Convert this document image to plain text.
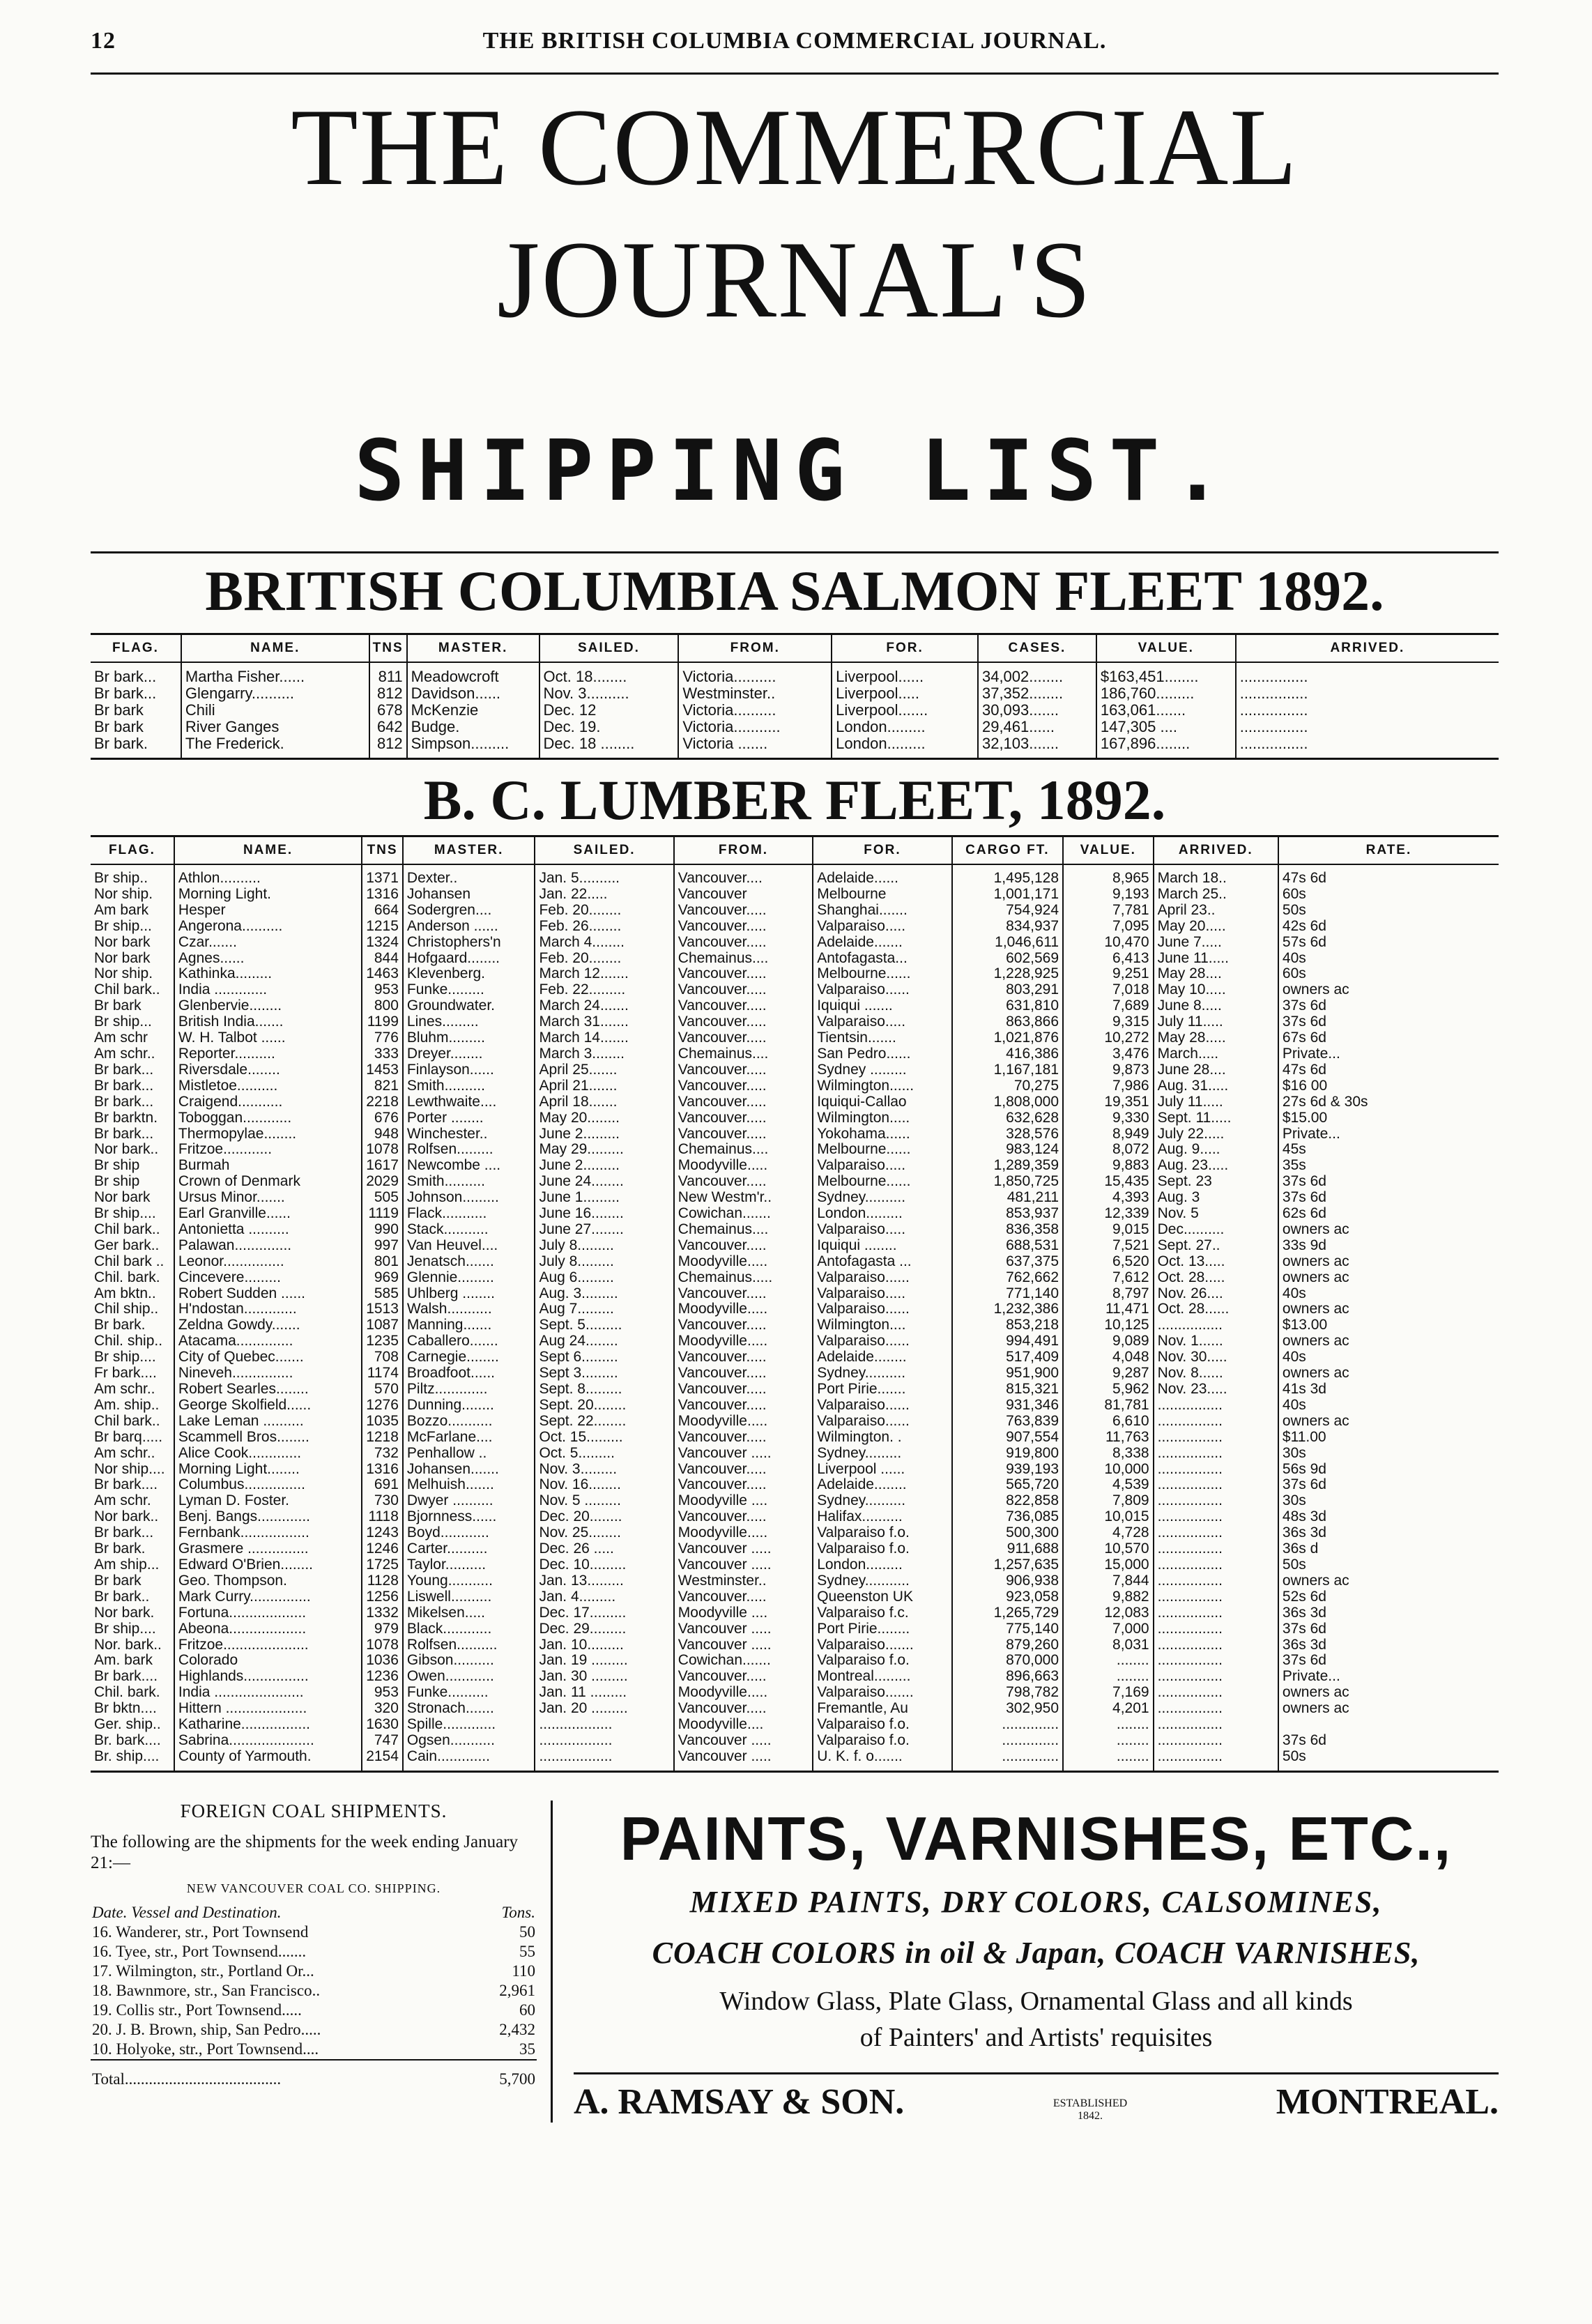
12	THE BRITISH COLUMBIA COMMERCIAL JOURNAL.
THE COMMERCIAL JOURNAL'S
SHIPPING LIST.
BRITISH COLUMBIA SALMON FLEET 1892.
FLAG.	NAME.	TNS	MASTER.	SAILED.	FROM.	FOR.	CASES.	VALUE.	ARRIVED.
Br bark...	Martha Fisher......	811	Meadowcroft	Oct. 18........	Victoria..........	Liverpool......	34,002........	$163,451........	................
Br bark...	Glengarry..........	812	Davidson......	Nov. 3..........	Westminster..	Liverpool.....	37,352........	186,760.........	................
Br bark	Chili	678	McKenzie	Dec. 12	Victoria..........	Liverpool.......	30,093.......	163,061.......	................
Br bark	River Ganges	642	Budge.	Dec. 19.	Victoria...........	London.........	29,461......	147,305 ....	................
Br bark.	The Frederick.	812	Simpson.........	Dec. 18 ........	Victoria .......	London.........	32,103.......	167,896........	................
B. C. LUMBER FLEET, 1892.
FLAG.	NAME.	TNS	MASTER.	SAILED.	FROM.	FOR.	CARGO FT.	VALUE.	ARRIVED.	RATE.
Br ship..	Athlon..........	1371	Dexter..	Jan. 5..........	Vancouver....	Adelaide......	1,495,128	8,965	March 18..	47s 6d
Nor ship.	Morning Light.	1316	Johansen	Jan. 22.....	Vancouver	Melbourne	1,001,171	9,193	March 25..	60s
Am bark	Hesper	664	Sodergren....	Feb. 20........	Vancouver.....	Shanghai.......	754,924	7,781	April 23..	50s
Br ship...	Angerona..........	1215	Anderson ......	Feb. 26........	Vancouver.....	Valparaiso.....	834,937	7,095	May 20.....	42s 6d
Nor bark	Czar.......	1324	Christophers'n	March 4........	Vancouver.....	Adelaide.......	1,046,611	10,470	June 7.....	57s 6d
Nor bark	Agnes......	844	Hofgaard........	Feb. 20........	Chemainus....	Antofagasta...	602,569	6,413	June 11.....	40s
Nor ship.	Kathinka.........	1463	Klevenberg.	March 12.......	Vancouver.....	Melbourne......	1,228,925	9,251	May 28....	60s
Chil bark..	India .............	953	Funke.........	Feb. 22.........	Vancouver.....	Valparaiso......	803,291	7,018	May 10.....	owners ac
Br bark	Glenbervie........	800	Groundwater.	March 24.......	Vancouver.....	Iquiqui .......	631,810	7,689	June 8.....	37s 6d
Br ship...	British India.......	1199	Lines.........	March 31.......	Vancouver.....	Valparaiso.....	863,866	9,315	July 11.....	37s 6d
Am schr	W. H. Talbot ......	776	Bluhm.........	March 14.......	Vancouver.....	Tientsin.......	1,021,876	10,272	May 28.....	67s 6d
Am schr..	Reporter..........	333	Dreyer........	March 3........	Chemainus....	San Pedro......	416,386	3,476	March.....	Private...
Br bark...	Riversdale........	1453	Finlayson......	April 25.......	Vancouver.....	Sydney .........	1,167,181	9,873	June 28....	47s 6d
Br bark...	Mistletoe..........	821	Smith..........	April 21.......	Vancouver.....	Wilmington......	70,275	7,986	Aug. 31.....	$16 00
Br bark...	Craigend...........	2218	Lewthwaite....	April 18.......	Vancouver.....	Iquiqui-Callao	1,808,000	19,351	July 11.....	27s 6d & 30s
Br barktn.	Toboggan............	676	Porter ........	May 20........	Vancouver.....	Wilmington.....	632,628	9,330	Sept. 11.....	$15.00
Br bark...	Thermopylae........	948	Winchester..	June 2.........	Vancouver.....	Yokohama......	328,576	8,949	July 22.....	Private...
Nor bark..	Fritzoe............	1078	Rolfsen.........	May 29.........	Chemainus....	Melbourne......	983,124	8,072	Aug. 9.....	45s
Br ship	Burmah	1617	Newcombe ....	June 2.........	Moodyville.....	Valparaiso.....	1,289,359	9,883	Aug. 23.....	35s
Br ship	Crown of Denmark	2029	Smith..........	June 24........	Vancouver.....	Melbourne......	1,850,725	15,435	Sept. 23	37s 6d
Nor bark	Ursus Minor.......	505	Johnson.........	June 1.........	New Westm'r..	Sydney..........	481,211	4,393	Aug. 3	37s 6d
Br ship....	Earl Granville......	1119	Flack...........	June 16........	Cowichan.......	London.........	853,937	12,339	Nov. 5	62s 6d
Chil bark..	Antonietta ..........	990	Stack...........	June 27........	Chemainus....	Valparaiso.....	836,358	9,015	Dec..........	owners ac
Ger bark..	Palawan..............	997	Van Heuvel....	July 8.........	Vancouver.....	Iquiqui ........	688,531	7,521	Sept. 27..	33s 9d
Chil bark ..	Leonor...............	801	Jenatsch.......	July 8.........	Moodyville.....	Antofagasta ...	637,375	6,520	Oct. 13.....	owners ac
Chil. bark.	Cincevere.........	969	Glennie.........	Aug 6.........	Chemainus.....	Valparaiso......	762,662	7,612	Oct. 28.....	owners ac
Am bktn..	Robert Sudden ......	585	Uhlberg ........	Aug. 3.........	Vancouver.....	Valparaiso.....	771,140	8,797	Nov. 26....	40s
Chil ship..	H'ndostan.............	1513	Walsh...........	Aug 7.........	Moodyville.....	Valparaiso......	1,232,386	11,471	Oct. 28......	owners ac
Br bark.	Zeldna Gowdy.......	1087	Manning.......	Sept. 5.........	Vancouver.....	Wilmington....	853,218	10,125	................	$13.00
Chil. ship..	Atacama..............	1235	Caballero.......	Aug 24........	Moodyville.....	Valparaiso......	994,491	9,089	Nov. 1......	owners ac
Br ship....	City of Quebec.......	708	Carnegie........	Sept 6.........	Vancouver.....	Adelaide........	517,409	4,048	Nov. 30.....	40s
Fr bark....	Nineveh...............	1174	Broadfoot......	Sept 3.........	Vancouver.....	Sydney..........	951,900	9,287	Nov. 8......	owners ac
Am schr..	Robert Searles........	570	Piltz.............	Sept. 8.........	Vancouver.....	Port Pirie.......	815,321	5,962	Nov. 23.....	41s 3d
Am. ship..	George Skolfield......	1276	Dunning........	Sept. 20........	Vancouver.....	Valparaiso......	931,346	81,781	................	40s
Chil bark..	Lake Leman ..........	1035	Bozzo...........	Sept. 22........	Moodyville.....	Valparaiso......	763,839	6,610	................	owners ac
Br barq.....	Scammell Bros........	1218	McFarlane....	Oct. 15.........	Vancouver.....	Wilmington. .	907,554	11,763	................	$11.00
Am schr..	Alice Cook.............	732	Penhallow ..	Oct. 5.........	Vancouver .....	Sydney.........	919,800	8,338	................	30s
Nor ship....	Morning Light........	1316	Johansen.......	Nov. 3.........	Vancouver.....	Liverpool ......	939,193	10,000	................	56s 9d
Br bark....	Columbus...............	691	Melhuish.......	Nov. 16........	Vancouver.....	Adelaide........	565,720	4,539	................	37s 6d
Am schr.	Lyman D. Foster.	730	Dwyer ..........	Nov. 5 .........	Moodyville ....	Sydney..........	822,858	7,809	................	30s
Nor bark..	Benj. Bangs.............	1118	Bjornness......	Dec. 20........	Vancouver.....	Halifax..........	736,085	10,015	................	48s 3d
Br bark...	Fernbank.................	1243	Boyd............	Nov. 25........	Moodyville.....	Valparaiso f.o.	500,300	4,728	................	36s 3d
Br bark.	Grasmere ...............	1246	Carter..........	Dec. 26 .....	Vancouver .....	Valparaiso f.o.	911,688	10,570	................	36s d
Am ship...	Edward O'Brien........	1725	Taylor..........	Dec. 10.........	Vancouver .....	London.........	1,257,635	15,000	................	50s
Br bark	Geo. Thompson.	1128	Young...........	Jan. 13.........	Westminster..	Sydney...........	906,938	7,844	................	owners ac
Br bark..	Mark Curry...............	1256	Liswell..........	Jan. 4.........	Vancouver.....	Queenston UK	923,058	9,882	................	52s 6d
Nor bark.	Fortuna...................	1332	Mikelsen.....	Dec. 17.........	Moodyville ....	Valparaiso f.c.	1,265,729	12,083	................	36s 3d
Br ship....	Abeona...................	979	Black............	Dec. 29.........	Vancouver .....	Port Pirie........	775,140	7,000	................	37s 6d
Nor. bark..	Fritzoe.....................	1078	Rolfsen..........	Jan. 10.........	Vancouver .....	Valparaiso.......	879,260	8,031	................	36s 3d
Am. bark	Colorado	1036	Gibson..........	Jan. 19 .........	Cowichan.......	Valparaiso f.o.	870,000	........	................	37s 6d
Br bark....	Highlands................	1236	Owen............	Jan. 30 .........	Vancouver.....	Montreal.........	896,663	........	................	Private...
Chil. bark.	India ......................	953	Funke..........	Jan. 11 .........	Moodyville.....	Valparaiso.......	798,782	7,169	................	owners ac
Br bktn....	Hittern ....................	320	Stronach.......	Jan. 20 .........	Vancouver.....	Fremantle, Au	302,950	4,201	................	owners ac
Ger. ship..	Katharine.................	1630	Spille.............	..................	Moodyville....	Valparaiso f.o.	..............	........	................	
Br. bark....	Sabrina.....................	747	Ogsen...........	..................	Vancouver .....	Valparaiso f.o.	..............	........	................	37s 6d
Br. ship....	County of Yarmouth.	2154	Cain.............	..................	Vancouver .....	U. K. f. o.......	..............	........	................	50s
FOREIGN COAL SHIPMENTS.

The following are the shipments for the week ending January 21:—

NEW VANCOUVER COAL CO. SHIPPING.

Date. Vessel and Destination.	Tons.
16. Wanderer, str., Port Townsend	50
16. Tyee, str., Port Townsend.......	55
17. Wilmington, str., Portland Or...	110
18. Bawnmore, str., San Francisco..	2,961
19. Collis str., Port Townsend.....	60
20. J. B. Brown, ship, San Pedro.....	2,432
10. Holyoke, str., Port Townsend....	35
Total.......................................	5,700
PAINTS, VARNISHES, ETC.,
MIXED PAINTS, DRY COLORS, CALSOMINES,
COACH COLORS in oil & Japan, COACH VARNISHES,
Window Glass, Plate Glass, Ornamental Glass and all kinds
of Painters' and Artists' requisites
A. RAMSAY & SON.	ESTABLISHED
1842.	MONTREAL.
